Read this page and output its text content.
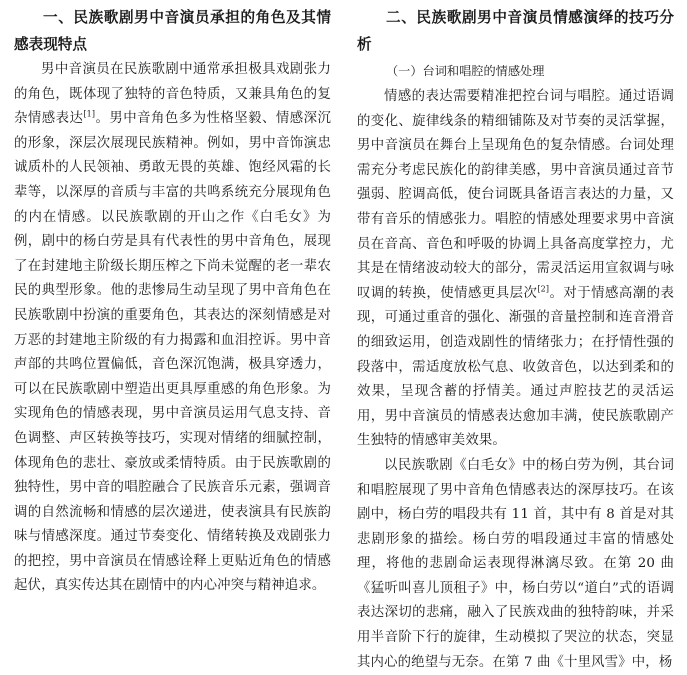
一、民族歌剧男中音演员承担的角色及其情感表现特点

男中音演员在民族歌剧中通常承担极具戏剧张力的角色，既体现了独特的音色特质，又兼具角色的复杂情感表达[1]。男中音角色多为性格坚毅、情感深沉的形象，深层次展现民族精神。例如，男中音饰演忠诚质朴的人民领袖、勇敢无畏的英雄、饱经风霜的长辈等，以深厚的音质与丰富的共鸣系统充分展现角色的内在情感。以民族歌剧的开山之作《白毛女》为例，剧中的杨白劳是具有代表性的男中音角色，展现了在封建地主阶级长期压榨之下尚未觉醒的老一辈农民的典型形象。他的悲惨局生动呈现了男中音角色在民族歌剧中扮演的重要角色，其表达的深刻情感是对万恶的封建地主阶级的有力揭露和血泪控诉。男中音声部的共鸣位置偏低，音色深沉饱满，极具穿透力，可以在民族歌剧中塑造出更具厚重感的角色形象。为实现角色的情感表现，男中音演员运用气息支持、音色调整、声区转换等技巧，实现对情绪的细腻控制，体现角色的悲壮、豪放或柔情特质。由于民族歌剧的独特性，男中音的唱腔融合了民族音乐元素，强调音调的自然流畅和情感的层次递进，使表演具有民族韵味与情感深度。通过节奏变化、情绪转换及戏剧张力的把控，男中音演员在情感诠释上更贴近角色的情感起伏，真实传达其在剧情中的内心冲突与精神追求。

二、民族歌剧男中音演员情感演绎的技巧分析

（一）台词和唱腔的情感处理

情感的表达需要精准把控台词与唱腔。通过语调的变化、旋律线条的精细铺陈及对节奏的灵活掌握，男中音演员在舞台上呈现角色的复杂情感。台词处理需充分考虑民族化的韵律美感，男中音演员通过音节强弱、腔调高低，使台词既具备语言表达的力量，又带有音乐的情感张力。唱腔的情感处理要求男中音演员在音高、音色和呼吸的协调上具备高度掌控力，尤其是在情绪波动较大的部分，需灵活运用宣叙调与咏叹调的转换，使情感更具层次[2]。对于情感高潮的表现，可通过重音的强化、渐强的音量控制和连音滑音的细致运用，创造戏剧性的情绪张力；在抒情性强的段落中，需适度放松气息、收敛音色，以达到柔和的效果，呈现含蓄的抒情美。通过声腔技艺的灵活运用，男中音演员的情感表达愈加丰满，使民族歌剧产生独特的情感审美效果。

以民族歌剧《白毛女》中的杨白劳为例，其台词和唱腔展现了男中音角色情感表达的深厚技巧。在该剧中，杨白劳的唱段共有 11 首，其中有 8 首是对其悲剧形象的描绘。杨白劳的唱段通过丰富的情感处理，将他的悲剧命运表现得淋漓尽致。在第 20 曲《猛听叫喜儿顶租子》中，杨白劳以“道白”式的语调表达深切的悲痛，融入了民族戏曲的独特韵味，并采用半音阶下行的旋律，生动模拟了哭泣的状态，突显其内心的绝望与无奈。在第 7 曲《十里风雪》中，杨
